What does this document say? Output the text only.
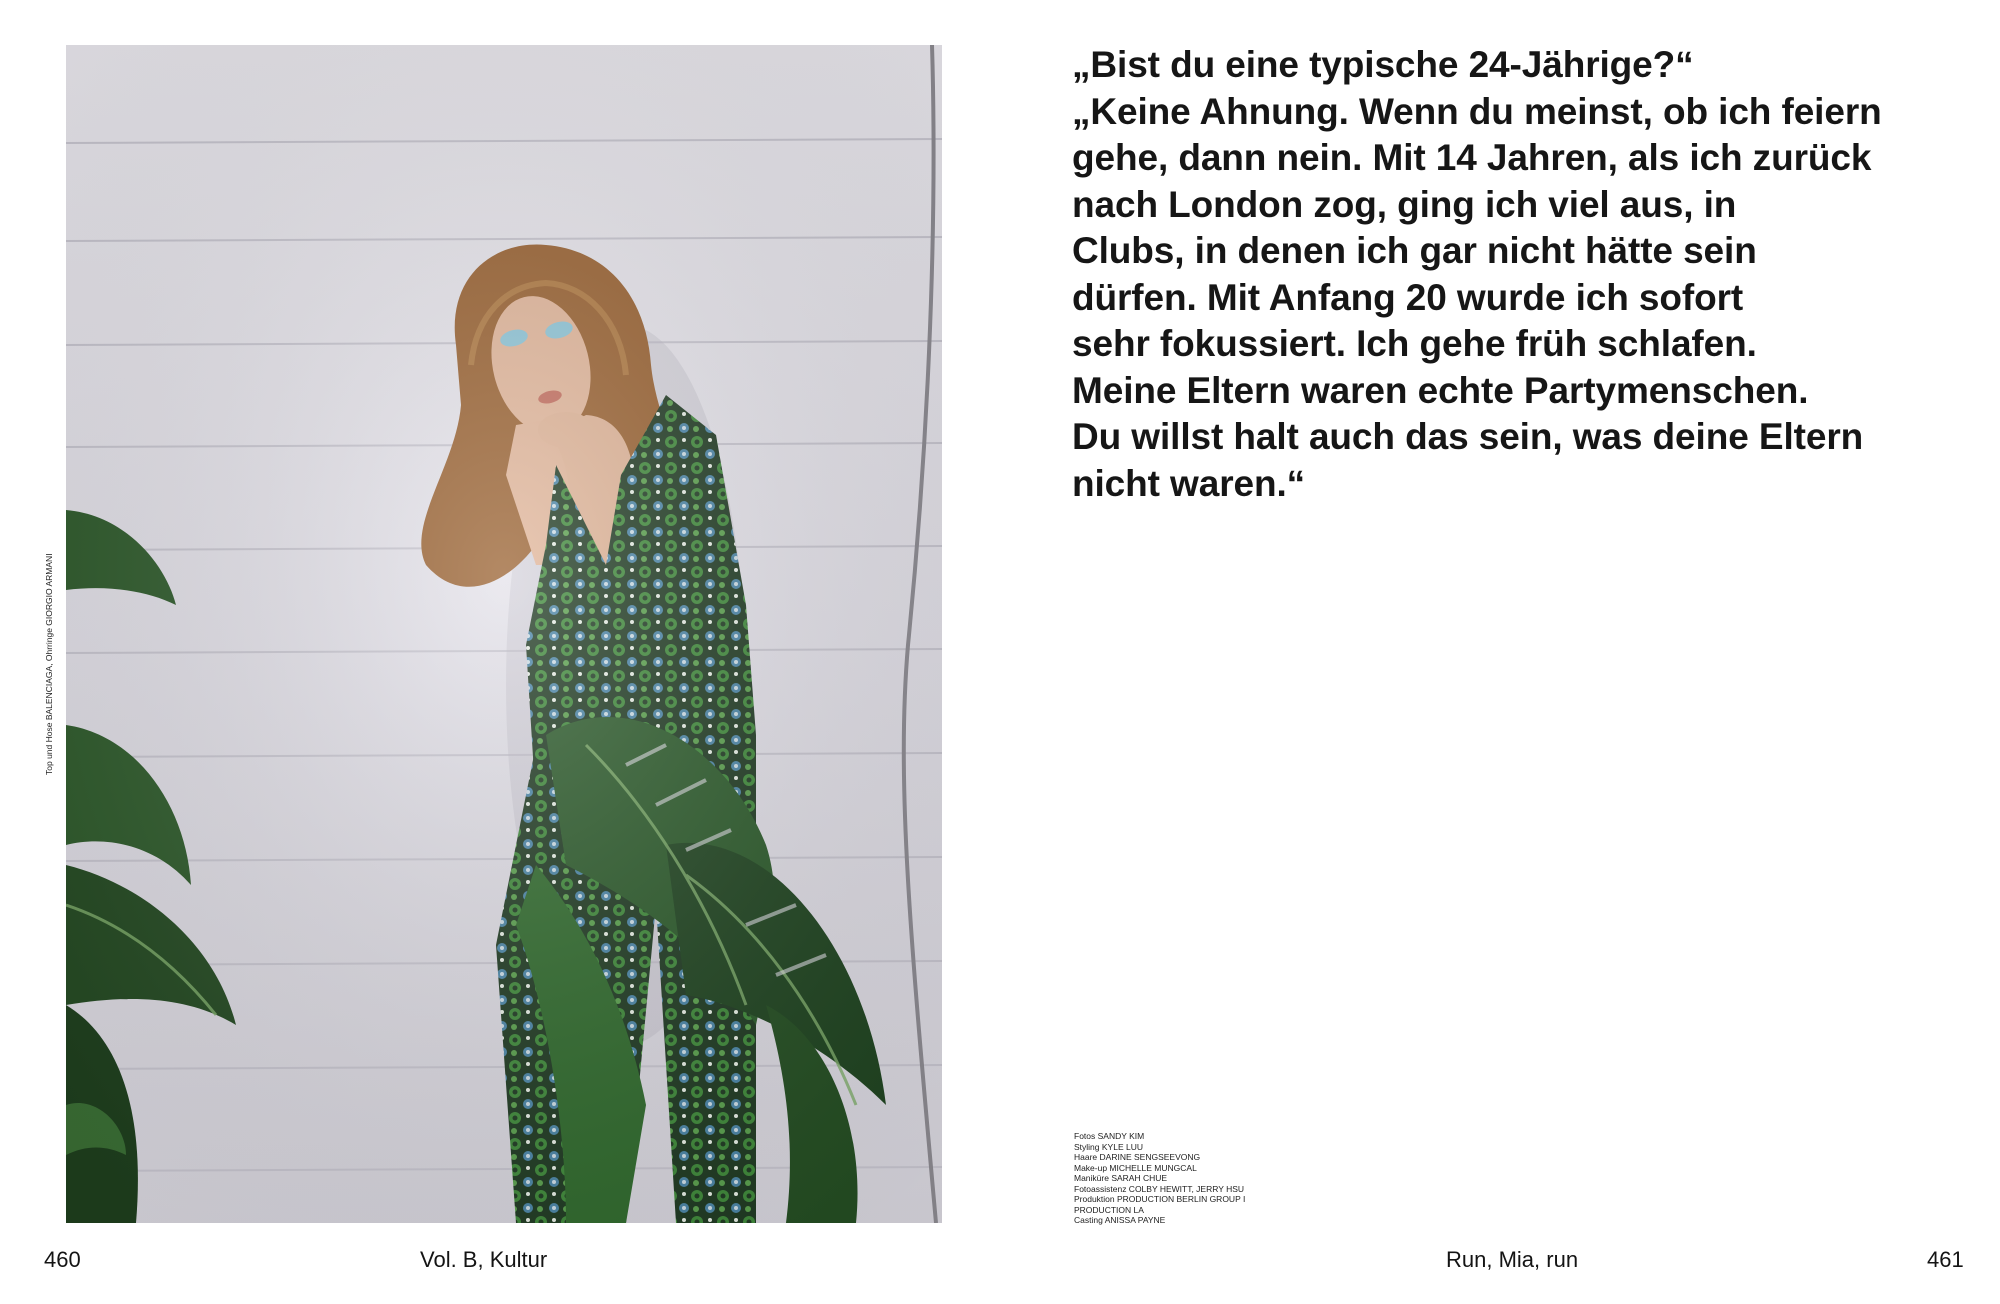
Top und Hose BALENCIAGA, Ohrringe GIORGIO ARMANI
460	Vol. B, Kultur
„Bist du eine typische 24-Jährige?“
„Keine Ahnung. Wenn du meinst, ob ich feiern
gehe, dann nein. Mit 14 Jahren, als ich zurück
nach London zog, ging ich viel aus, in
Clubs, in denen ich gar nicht hätte sein
dürfen. Mit Anfang 20 wurde ich sofort
sehr fokussiert. Ich gehe früh schlafen.
Meine Eltern waren echte Partymenschen.
Du willst halt auch das sein, was deine Eltern
nicht waren.“
Fotos SANDY KIM
Styling KYLE LUU
Haare DARINE SENGSEEVONG
Make-up MICHELLE MUNGCAL
Maniküre SARAH CHUE
Fotoassistenz COLBY HEWITT, JERRY HSU
Produktion PRODUCTION BERLIN GROUP I
PRODUCTION LA
Casting ANISSA PAYNE
Run, Mia, run	461
